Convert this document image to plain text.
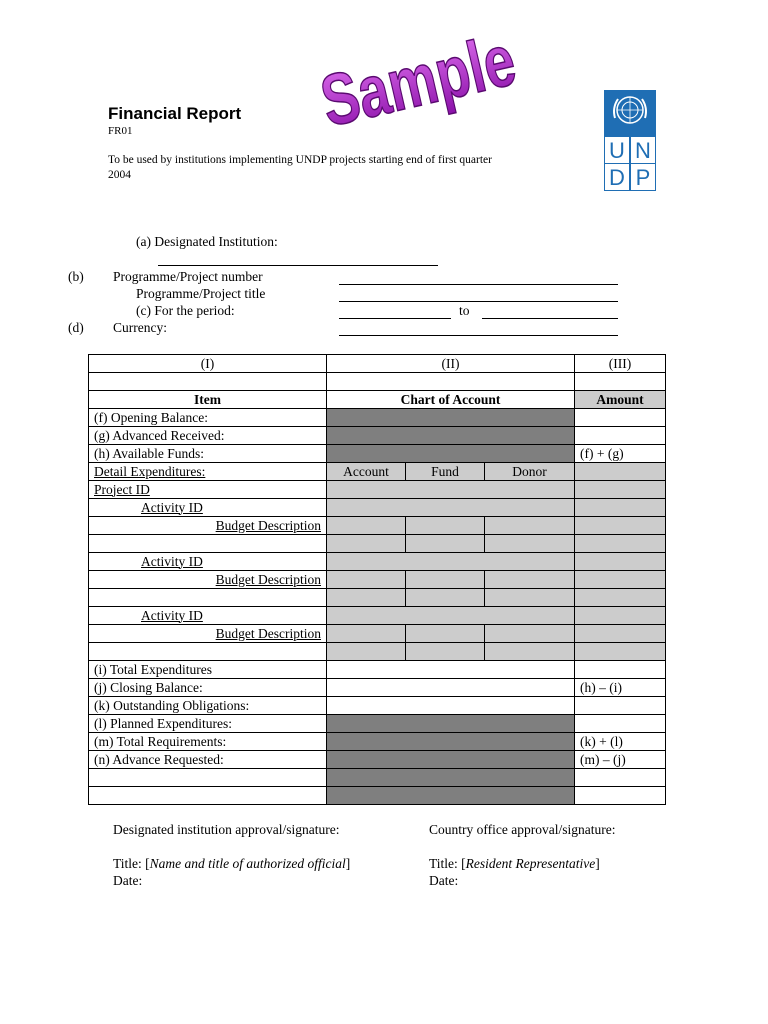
Financial Report
FR01
To be used by institutions implementing UNDP projects starting end of first quarter 2004
Sample
U N
D P
(a) Designated Institution:
(b) Programme/Project number
Programme/Project title
(c) For the period:	to
(d) Currency:
(I)	(II)			(III)

Item	Chart of Account			Amount
(f) Opening Balance:				
(g) Advanced Received:				
(h) Available Funds:				(f) + (g)
Detail Expenditures:	Account	Fund	Donor	
Project ID				
Activity ID				
Budget Description				

Activity ID				
Budget Description				

Activity ID				
Budget Description				

(i) Total Expenditures				
(j) Closing Balance:				(h) – (i)
(k) Outstanding Obligations:				
(l) Planned Expenditures:				
(m) Total Requirements:				(k) + (l)
(n) Advance Requested:				(m) – (j)

Designated institution approval/signature:	Country office approval/signature:
Title: [Name and title of authorized official]	Title: [Resident Representative]
Date:	Date:
